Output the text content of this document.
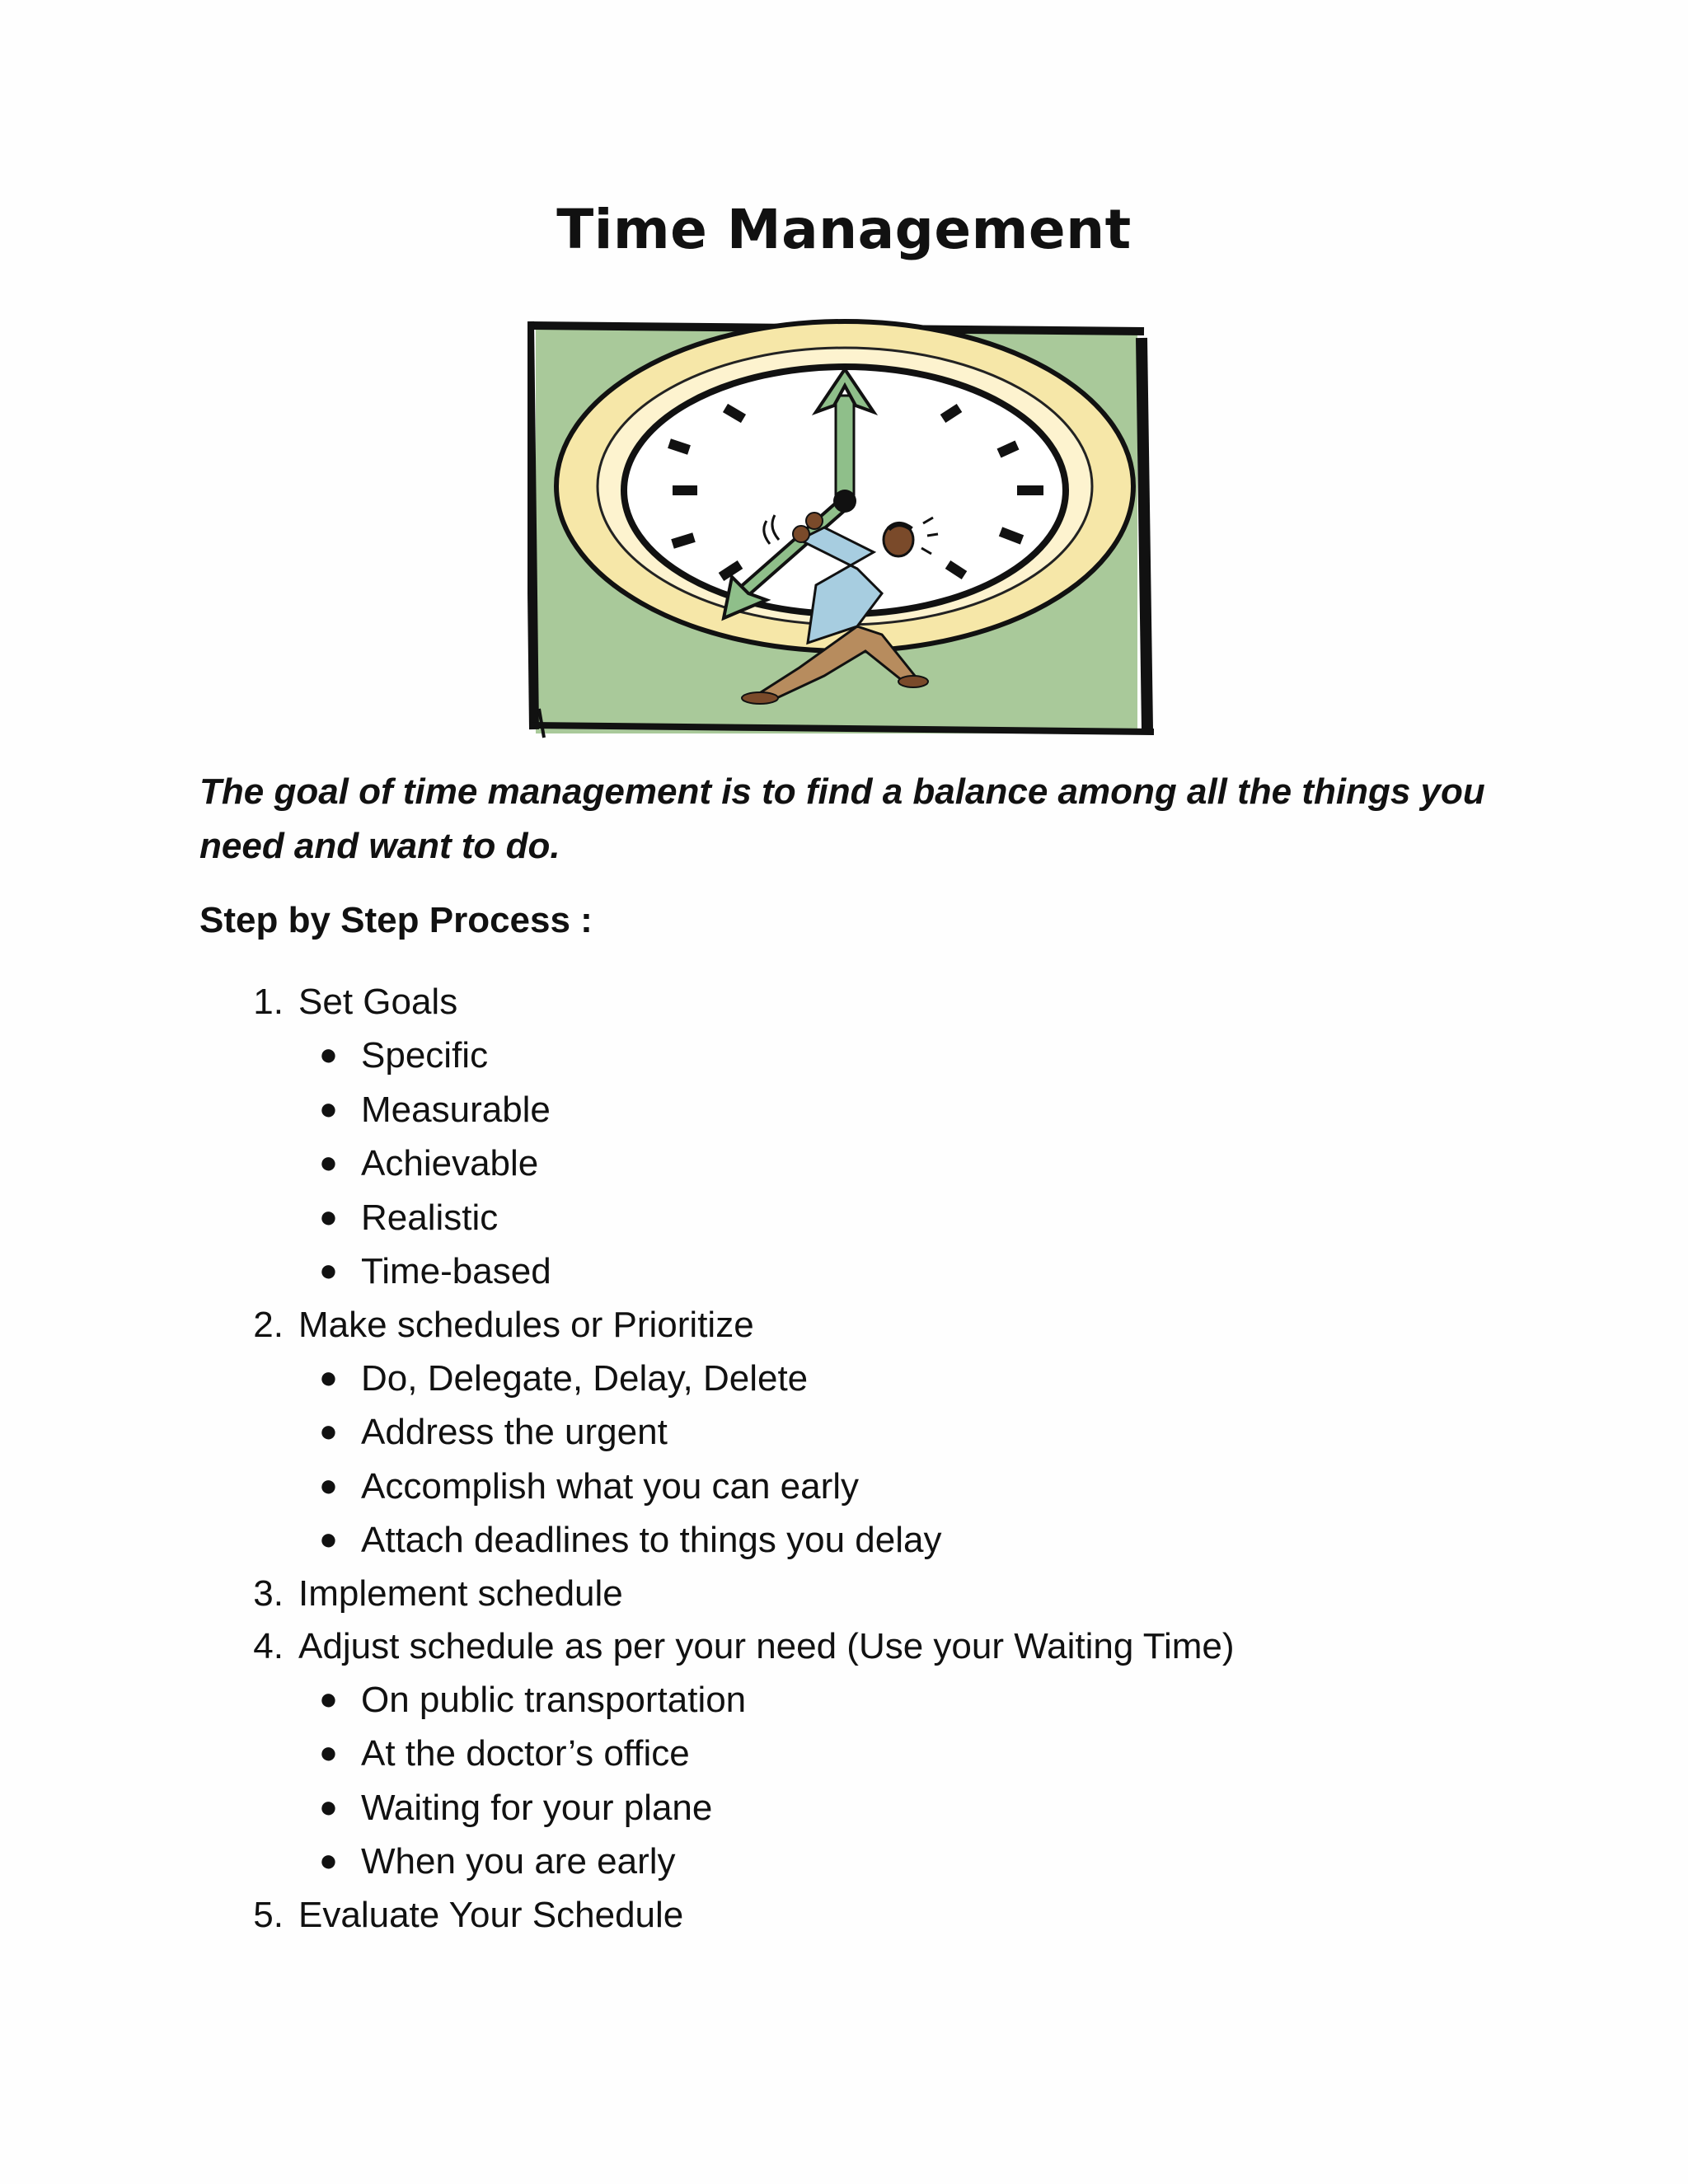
Time Management

The goal of time management is to find a balance among all the things you need and want to do.

Step by Step Process :

1. Set Goals
● Specific
● Measurable
● Achievable
● Realistic
● Time-based
2. Make schedules or Prioritize
● Do, Delegate, Delay, Delete
● Address the urgent
● Accomplish what you can early
● Attach deadlines to things you delay
3. Implement schedule
4. Adjust schedule as per your need (Use your Waiting Time)
● On public transportation
● At the doctor’s office
● Waiting for your plane
● When you are early
5. Evaluate Your Schedule
